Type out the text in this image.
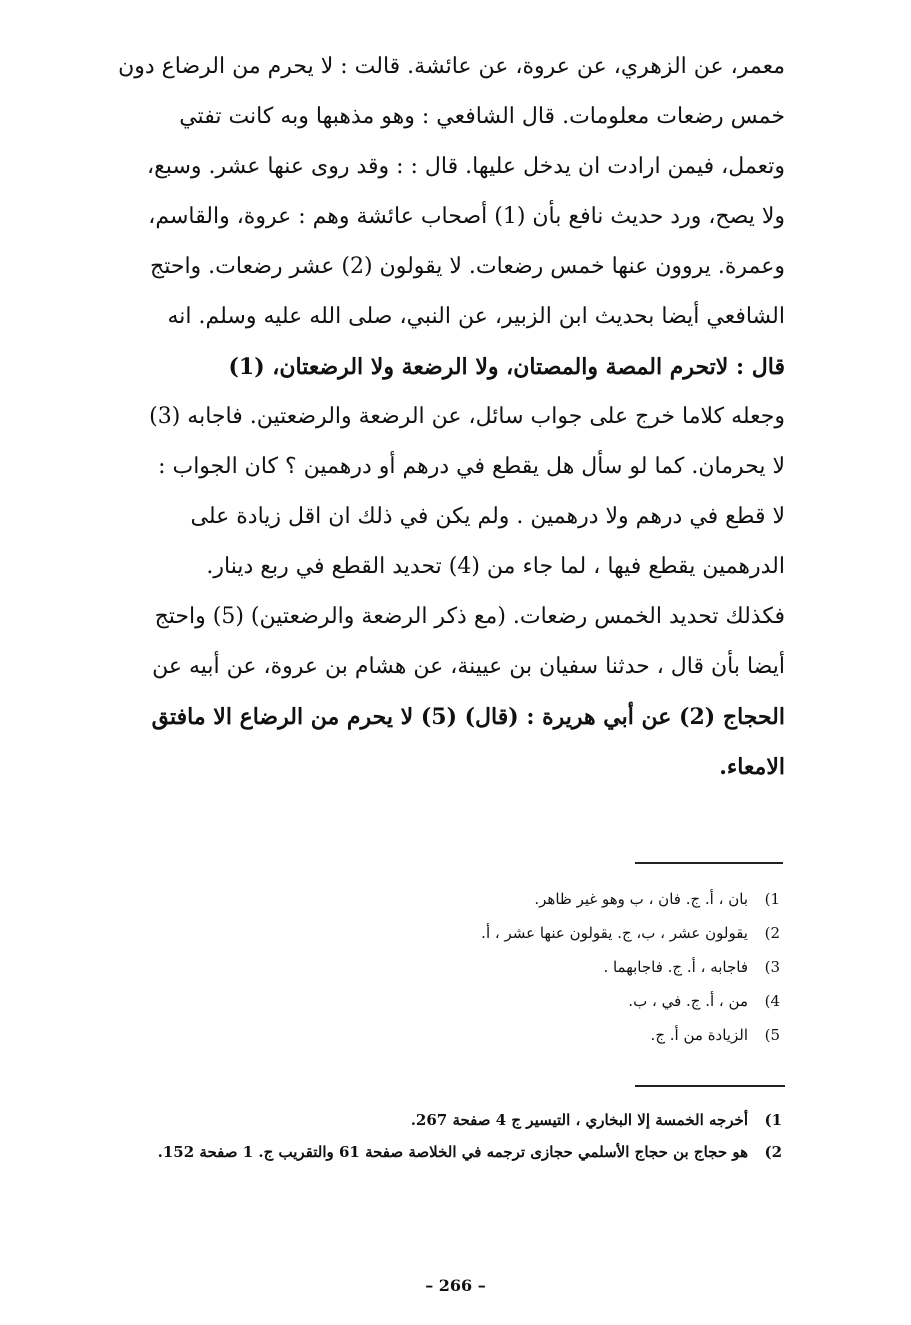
معمر، عن الزهري، عن عروة، عن عائشة. قالت : لا يحرم من الرضاع دون
خمس رضعات معلومات. قال الشافعي : وهو مذهبها وبه كانت تفتي
وتعمل، فيمن ارادت ان يدخل عليها. قال : : وقد روى عنها عشر. وسبع،
ولا يصح، ورد حديث نافع بأن (1) أصحاب عائشة وهم : عروة، والقاسم،
وعمرة. يروون عنها خمس رضعات. لا يقولون (2) عشر رضعات. واحتج
الشافعي أيضا بحديث ابن الزبير، عن النبي، صلى الله عليه وسلم. انه
قال : لاتحرم المصة والمصتان، ولا الرضعة ولا الرضعتان، (1)
وجعله كلاما خرج على جواب سائل، عن الرضعة والرضعتين. فاجابه (3)
لا يحرمان. كما لو سأل هل يقطع في درهم أو درهمين ؟ كان الجواب :
لا قطع في درهم ولا درهمين . ولم يكن في ذلك ان اقل زيادة على
الدرهمين يقطع فيها ، لما جاء من (4) تحديد القطع في ربع دينار.
فكذلك تحديد الخمس رضعات. (مع ذكر الرضعة والرضعتين) (5) واحتج
أيضا بأن قال ، حدثنا سفيان بن عيينة، عن هشام بن عروة، عن أبيه عن
الحجاج (2) عن أبي هريرة : (قال) (5) لا يحرم من الرضاع الا مافتق
الامعاء.
1)
بان ، أ. ج. فان ، ب وهو غير ظاهر.
2)
يقولون عشر ، ب، ج. يقولون عنها عشر ، أ.
3)
فاجابه ، أ. ج. فاجابهما .
4)
من ، أ. ج. في ، ب.
5)
الزيادة من أ. ج.
1)
أخرجه الخمسة إلا البخاري ، التيسير ج 4 صفحة 267.
2)
هو حجاج بن حجاج الأسلمي حجازى ترجمه في الخلاصة صفحة 61 والتقريب ج. 1 صفحة 152.
– 266 –
